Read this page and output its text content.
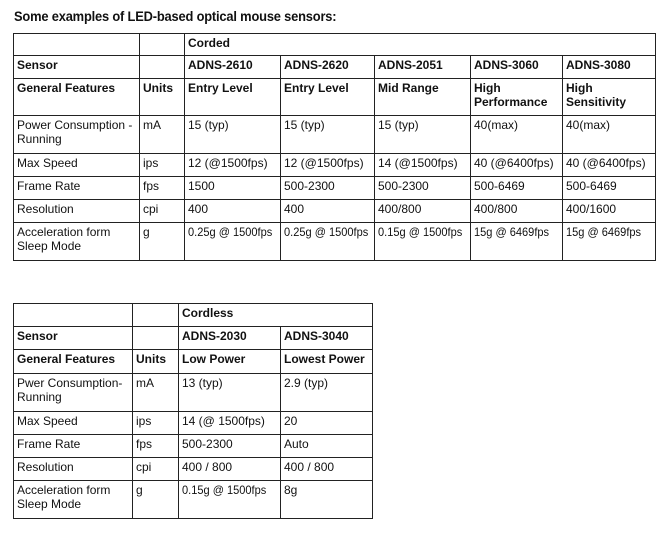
Some examples of LED-based optical mouse sensors:
		Corded				
Sensor		ADNS-2610	ADNS-2620	ADNS-2051	ADNS-3060	ADNS-3080
General Features	Units	Entry Level	Entry Level	Mid Range	High Performance	High Sensitivity
Power Consumption - Running	mA	15 (typ)	15 (typ)	15 (typ)	40(max)	40(max)
Max Speed	ips	12 (@1500fps)	12 (@1500fps)	14 (@1500fps)	40 (@6400fps)	40 (@6400fps)
Frame Rate	fps	1500	500-2300	500-2300	500-6469	500-6469
Resolution	cpi	400	400	400/800	400/800	400/1600
Acceleration form Sleep Mode	g	0.25g @ 1500fps	0.25g @ 1500fps	0.15g @ 1500fps	15g @ 6469fps	15g @ 6469fps
		Cordless	
Sensor		ADNS-2030	ADNS-3040
General Features	Units	Low Power	Lowest Power
Pwer Consumption- Running	mA	13 (typ)	2.9 (typ)
Max Speed	ips	14 (@ 1500fps)	20
Frame Rate	fps	500-2300	Auto
Resolution	cpi	400 / 800	400 / 800
Acceleration form Sleep Mode	g	0.15g @ 1500fps	8g
